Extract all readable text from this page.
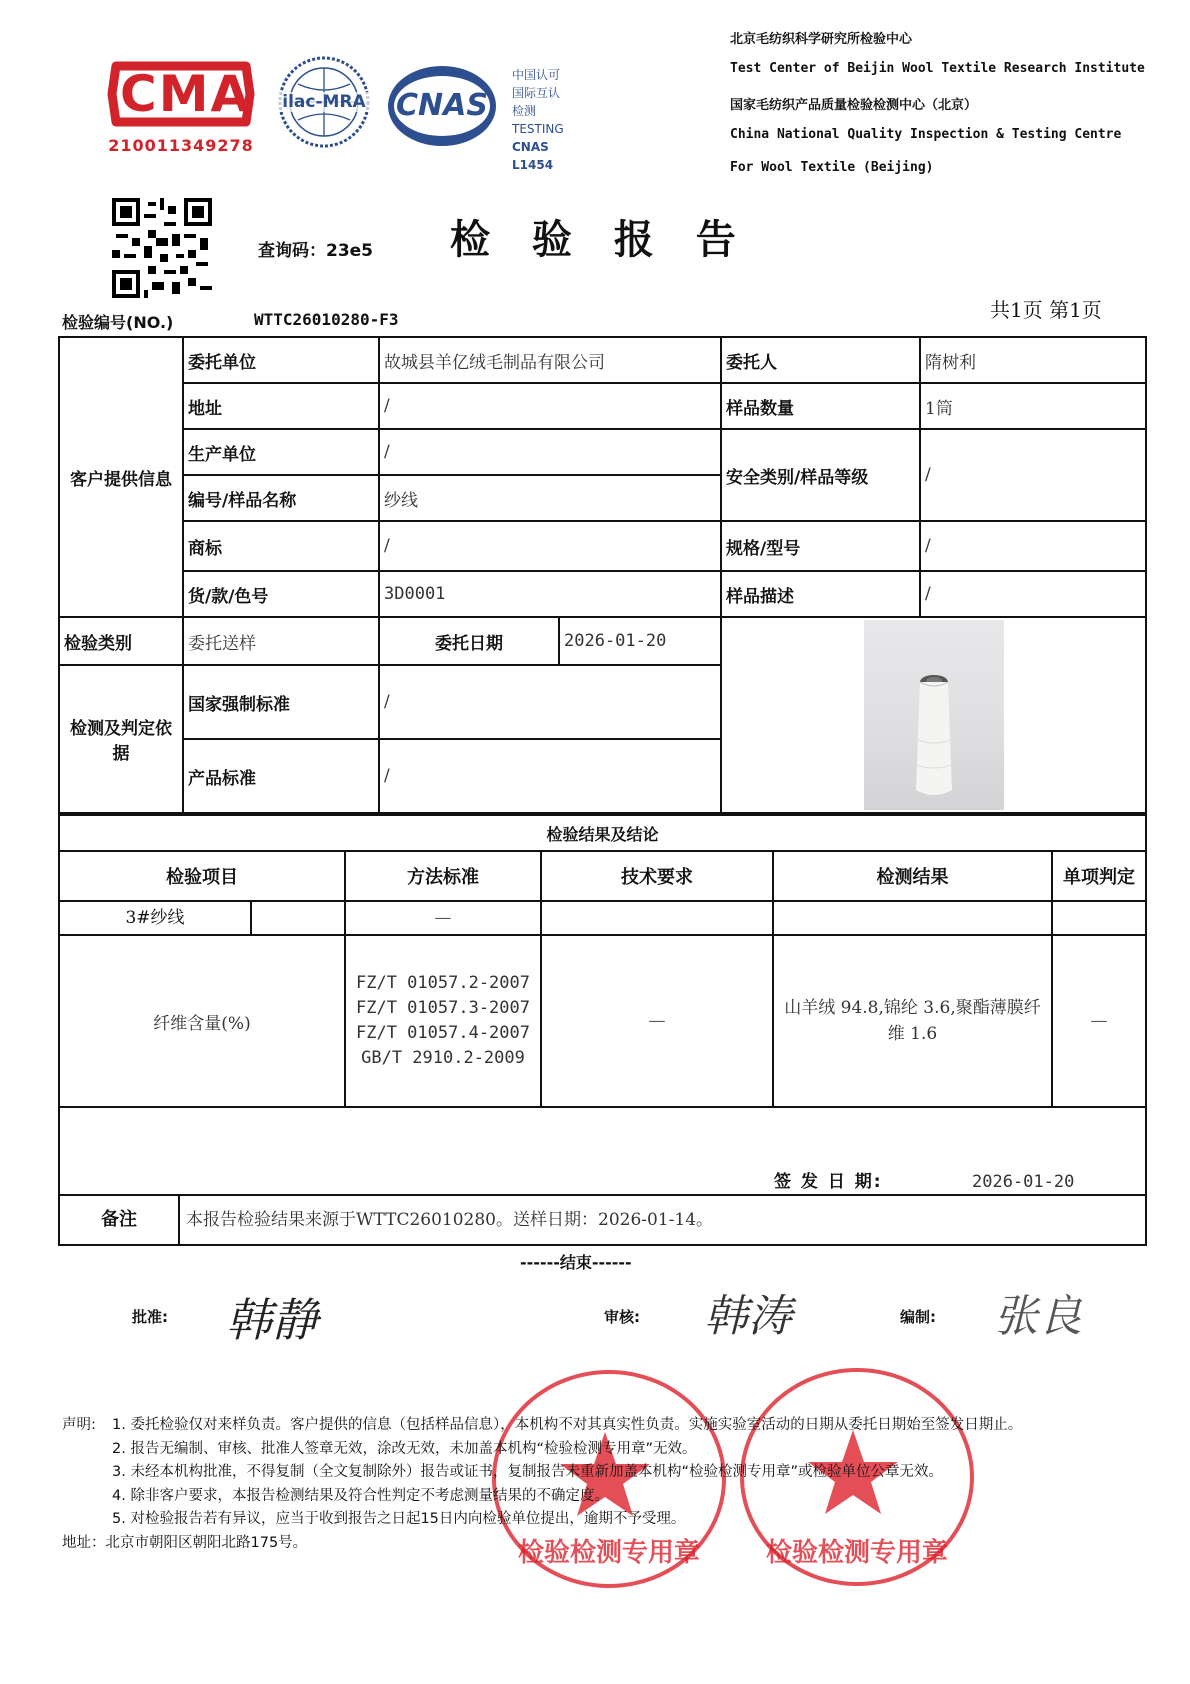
CMA
210011349278
ilac-MRA	CNAS
中国认可
国际互认
检测
TESTING
CNAS L1454
北京毛纺织科学研究所检验中心
Test Center of Beijin Wool Textile Research Institute
国家毛纺织产品质量检验检测中心（北京）
China National Quality Inspection & Testing Centre
For Wool Textile (Beijing)
查询码：23e5 检 验 报 告
检验编号(NO.)	WTTC26010280-F3	共1页 第1页
客户提供信息	委托单位	故城县羊亿绒毛制品有限公司		委托人	隋树利
	地址	/		样品数量	1筒
	生产单位	/		安全类别/样品等级	/
	编号/样品名称	纱线			
	商标	/		规格/型号	/
	货/款/色号	3D0001		样品描述	/
检验类别	委托送样	委托日期	2026-01-20	

检测及判定依据	国家强制标准	/			
	产品标准	/			
检验结果及结论				
检验项目	方法标准	技术要求	检测结果	单项判定

3#纱线	—			
纤维含量(%)	FZ/T 01057.2-2007
FZ/T 01057.3-2007
FZ/T 01057.4-2007
GB/T 2910.2-2009	—	山羊绒 94.8,锦纶 3.6,聚酯薄膜纤维 1.6	—

签 发 日 期: 2026-01-20				

备注 本报告检验结果来源于WTTC26010280。送样日期：2026-01-14。				
------结束------
批准: 韩静	审核: 韩涛	编制: 张良
检验检测专用章	检验检测专用章
声明:	1. 委托检验仅对来样负责。客户提供的信息（包括样品信息），本机构不对其真实性负责。实施实验室活动的日期从委托日期始至签发日期止。
2. 报告无编制、审核、批准人签章无效，涂改无效，未加盖本机构“检验检测专用章”无效。
3. 未经本机构批准，不得复制（全文复制除外）报告或证书，复制报告未重新加盖本机构“检验检测专用章”或检验单位公章无效。
4. 除非客户要求，本报告检测结果及符合性判定不考虑测量结果的不确定度。
5. 对检验报告若有异议，应当于收到报告之日起15日内向检验单位提出，逾期不予受理。
地址：北京市朝阳区朝阳北路175号。
